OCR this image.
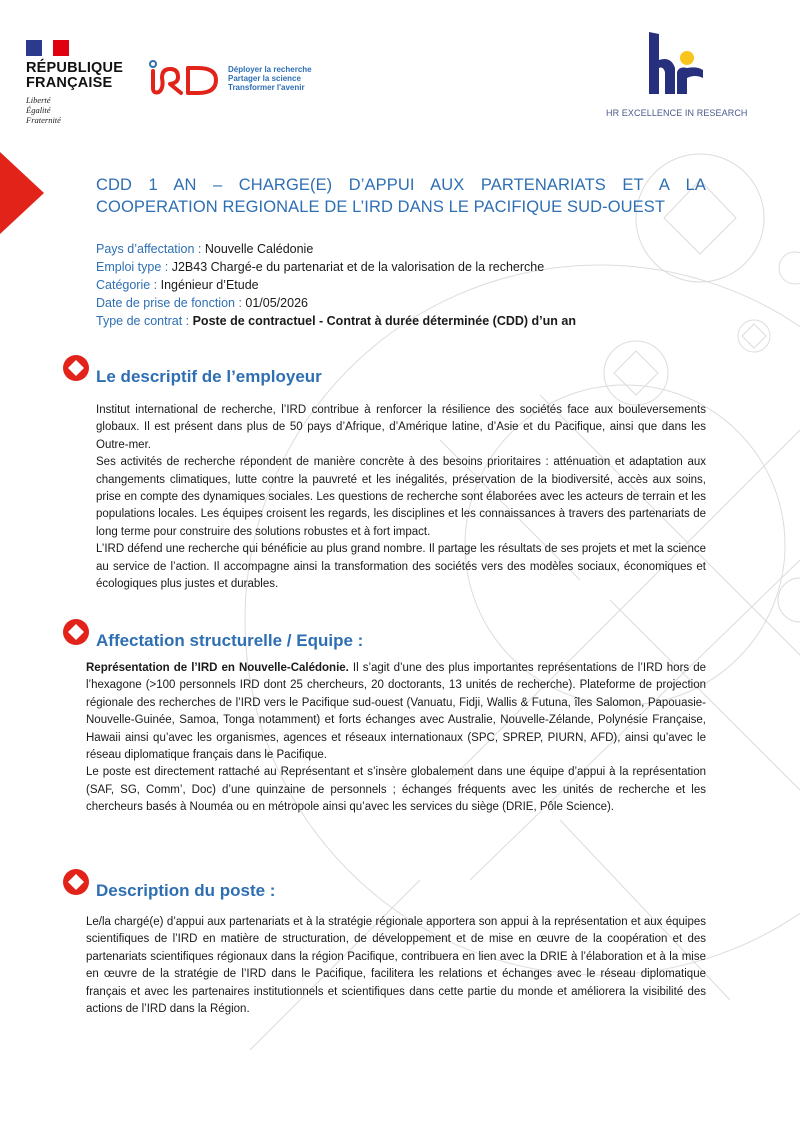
RÉPUBLIQUE
FRANÇAISE
Liberté
Égalité
Fraternité
Déployer la recherche
Partager la science
Transformer l'avenir
HR EXCELLENCE IN RESEARCH
CDD 1 AN – CHARGE(E) D’APPUI AUX PARTENARIATS ET A LA
COOPERATION REGIONALE DE L’IRD DANS LE PACIFIQUE SUD-OUEST
Pays d’affectation : Nouvelle Calédonie
Emploi type : J2B43 Chargé-e du partenariat et de la valorisation de la recherche
Catégorie : Ingénieur d’Etude
Date de prise de fonction : 01/05/2026
Type de contrat : Poste de contractuel - Contrat à durée déterminée (CDD) d’un an
Le descriptif de l’employeur

Institut international de recherche, l’IRD contribue à renforcer la résilience des sociétés face aux bouleversements globaux. Il est présent dans plus de 50 pays d’Afrique, d’Amérique latine, d’Asie et du Pacifique, ainsi que dans les Outre-mer.

Ses activités de recherche répondent de manière concrète à des besoins prioritaires : atténuation et adaptation aux changements climatiques, lutte contre la pauvreté et les inégalités, préservation de la biodiversité, accès aux soins, prise en compte des dynamiques sociales. Les questions de recherche sont élaborées avec les acteurs de terrain et les populations locales. Les équipes croisent les regards, les disciplines et les connaissances à travers des partenariats de long terme pour construire des solutions robustes et à fort impact.

L’IRD défend une recherche qui bénéficie au plus grand nombre. Il partage les résultats de ses projets et met la science au service de l’action. Il accompagne ainsi la transformation des sociétés vers des modèles sociaux, économiques et écologiques plus justes et durables.

Affectation structurelle / Equipe :

Représentation de l’IRD en Nouvelle-Calédonie. Il s’agit d’une des plus importantes représentations de l’IRD hors de l’hexagone (>100 personnels IRD dont 25 chercheurs, 20 doctorants, 13 unités de recherche). Plateforme de projection régionale des recherches de l’IRD vers le Pacifique sud-ouest (Vanuatu, Fidji, Wallis & Futuna, îles Salomon, Papouasie-Nouvelle-Guinée, Samoa, Tonga notamment) et forts échanges avec Australie, Nouvelle-Zélande, Polynésie Française, Hawaii ainsi qu’avec les organismes, agences et réseaux internationaux (SPC, SPREP, PIURN, AFD), ainsi qu’avec le réseau diplomatique français dans le Pacifique.

Le poste est directement rattaché au Représentant et s’insère globalement dans une équipe d’appui à la représentation (SAF, SG, Comm’, Doc) d’une quinzaine de personnels ; échanges fréquents avec les unités de recherche et les chercheurs basés à Nouméa ou en métropole ainsi qu’avec les services du siège (DRIE, Pôle Science).

Description du poste :

Le/la chargé(e) d’appui aux partenariats et à la stratégie régionale apportera son appui à la représentation et aux équipes scientifiques de l’IRD en matière de structuration, de développement et de mise en œuvre de la coopération et des partenariats scientifiques régionaux dans la région Pacifique, contribuera en lien avec la DRIE à l’élaboration et à la mise en œuvre de la stratégie de l’IRD dans le Pacifique, facilitera les relations et échanges avec le réseau diplomatique français et avec les partenaires institutionnels et scientifiques dans cette partie du monde et améliorera la visibilité des actions de l’IRD dans la Région.
